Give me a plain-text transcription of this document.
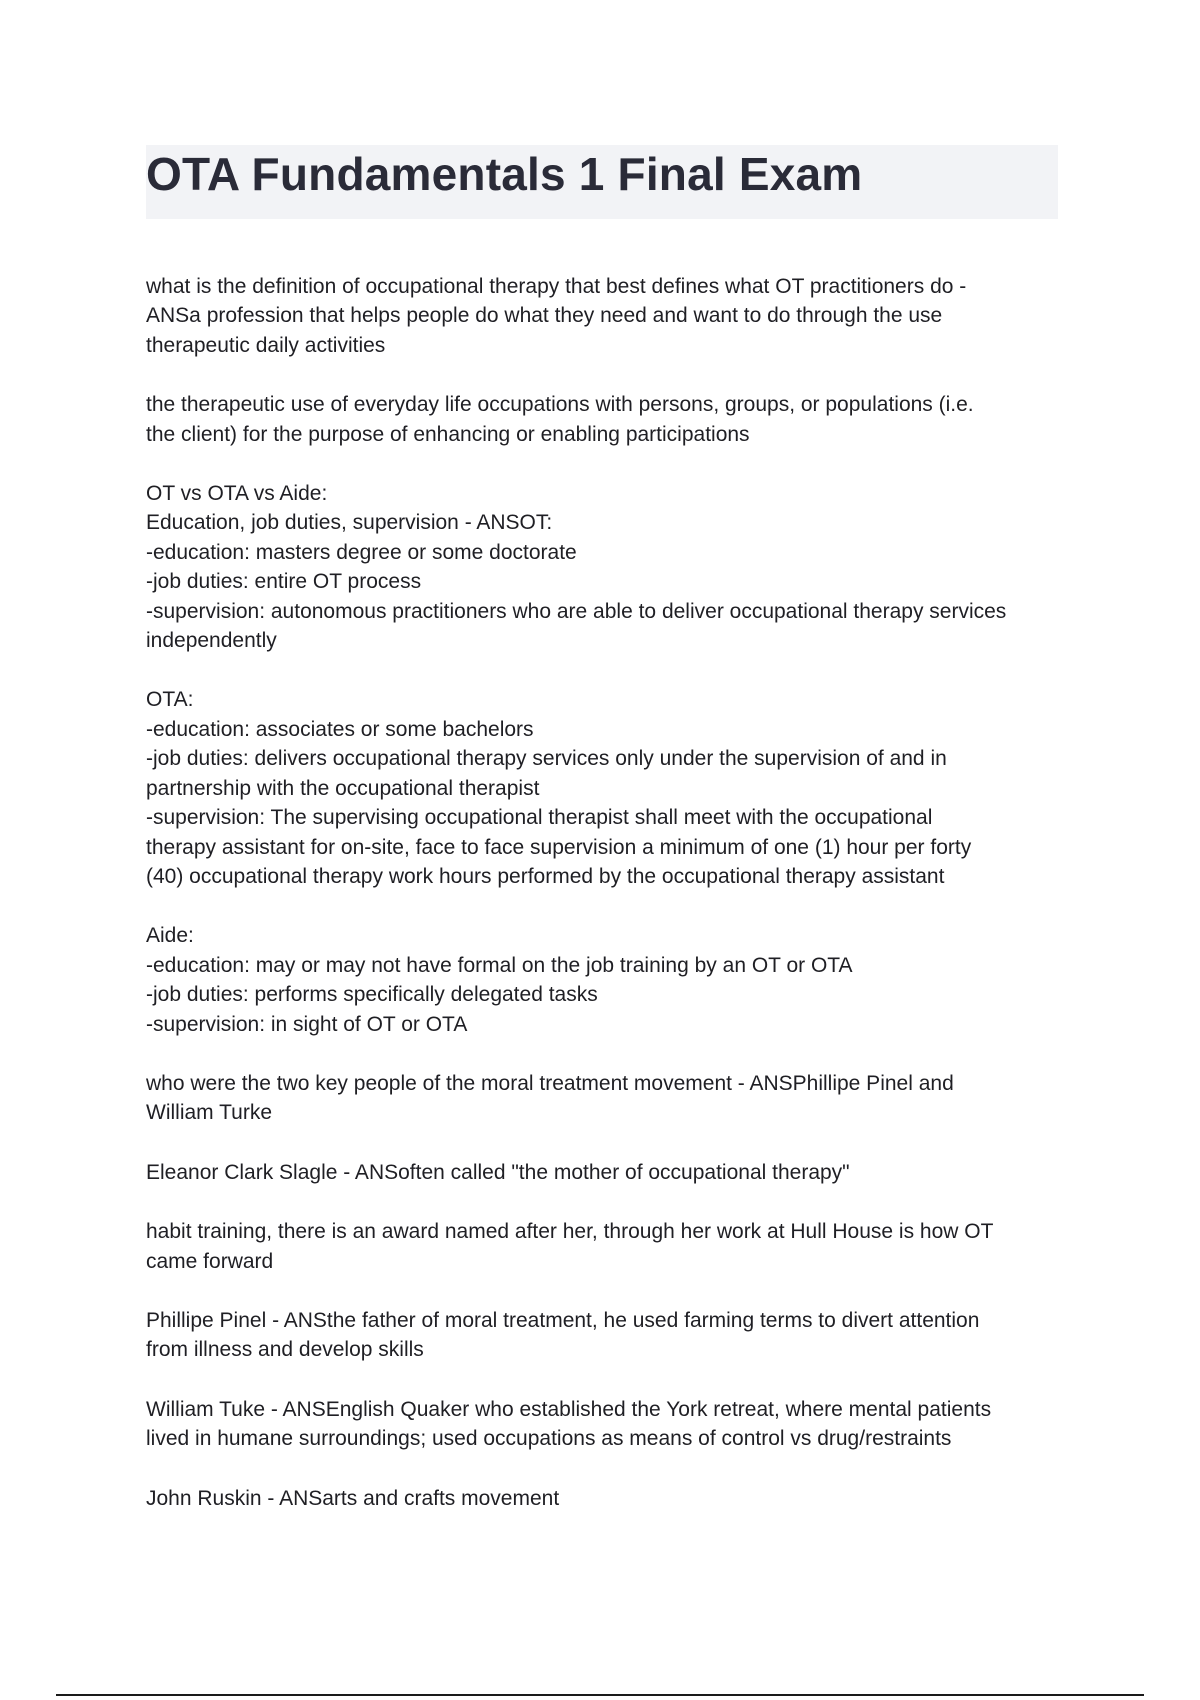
OTA Fundamentals 1 Final Exam
what is the definition of occupational therapy that best defines what OT practitioners do -
ANSa profession that helps people do what they need and want to do through the use
therapeutic daily activities
the therapeutic use of everyday life occupations with persons, groups, or populations (i.e.
the client) for the purpose of enhancing or enabling participations
OT vs OTA vs Aide:
Education, job duties, supervision - ANSOT:
-education: masters degree or some doctorate
-job duties: entire OT process
-supervision: autonomous practitioners who are able to deliver occupational therapy services
independently
OTA:
-education: associates or some bachelors
-job duties: delivers occupational therapy services only under the supervision of and in
partnership with the occupational therapist
-supervision: The supervising occupational therapist shall meet with the occupational
therapy assistant for on-site, face to face supervision a minimum of one (1) hour per forty
(40) occupational therapy work hours performed by the occupational therapy assistant
Aide:
-education: may or may not have formal on the job training by an OT or OTA
-job duties: performs specifically delegated tasks
-supervision: in sight of OT or OTA
who were the two key people of the moral treatment movement - ANSPhillipe Pinel and
William Turke
Eleanor Clark Slagle - ANSoften called "the mother of occupational therapy"
habit training, there is an award named after her, through her work at Hull House is how OT
came forward
Phillipe Pinel - ANSthe father of moral treatment, he used farming terms to divert attention
from illness and develop skills
William Tuke - ANSEnglish Quaker who established the York retreat, where mental patients
lived in humane surroundings; used occupations as means of control vs drug/restraints
John Ruskin - ANSarts and crafts movement
